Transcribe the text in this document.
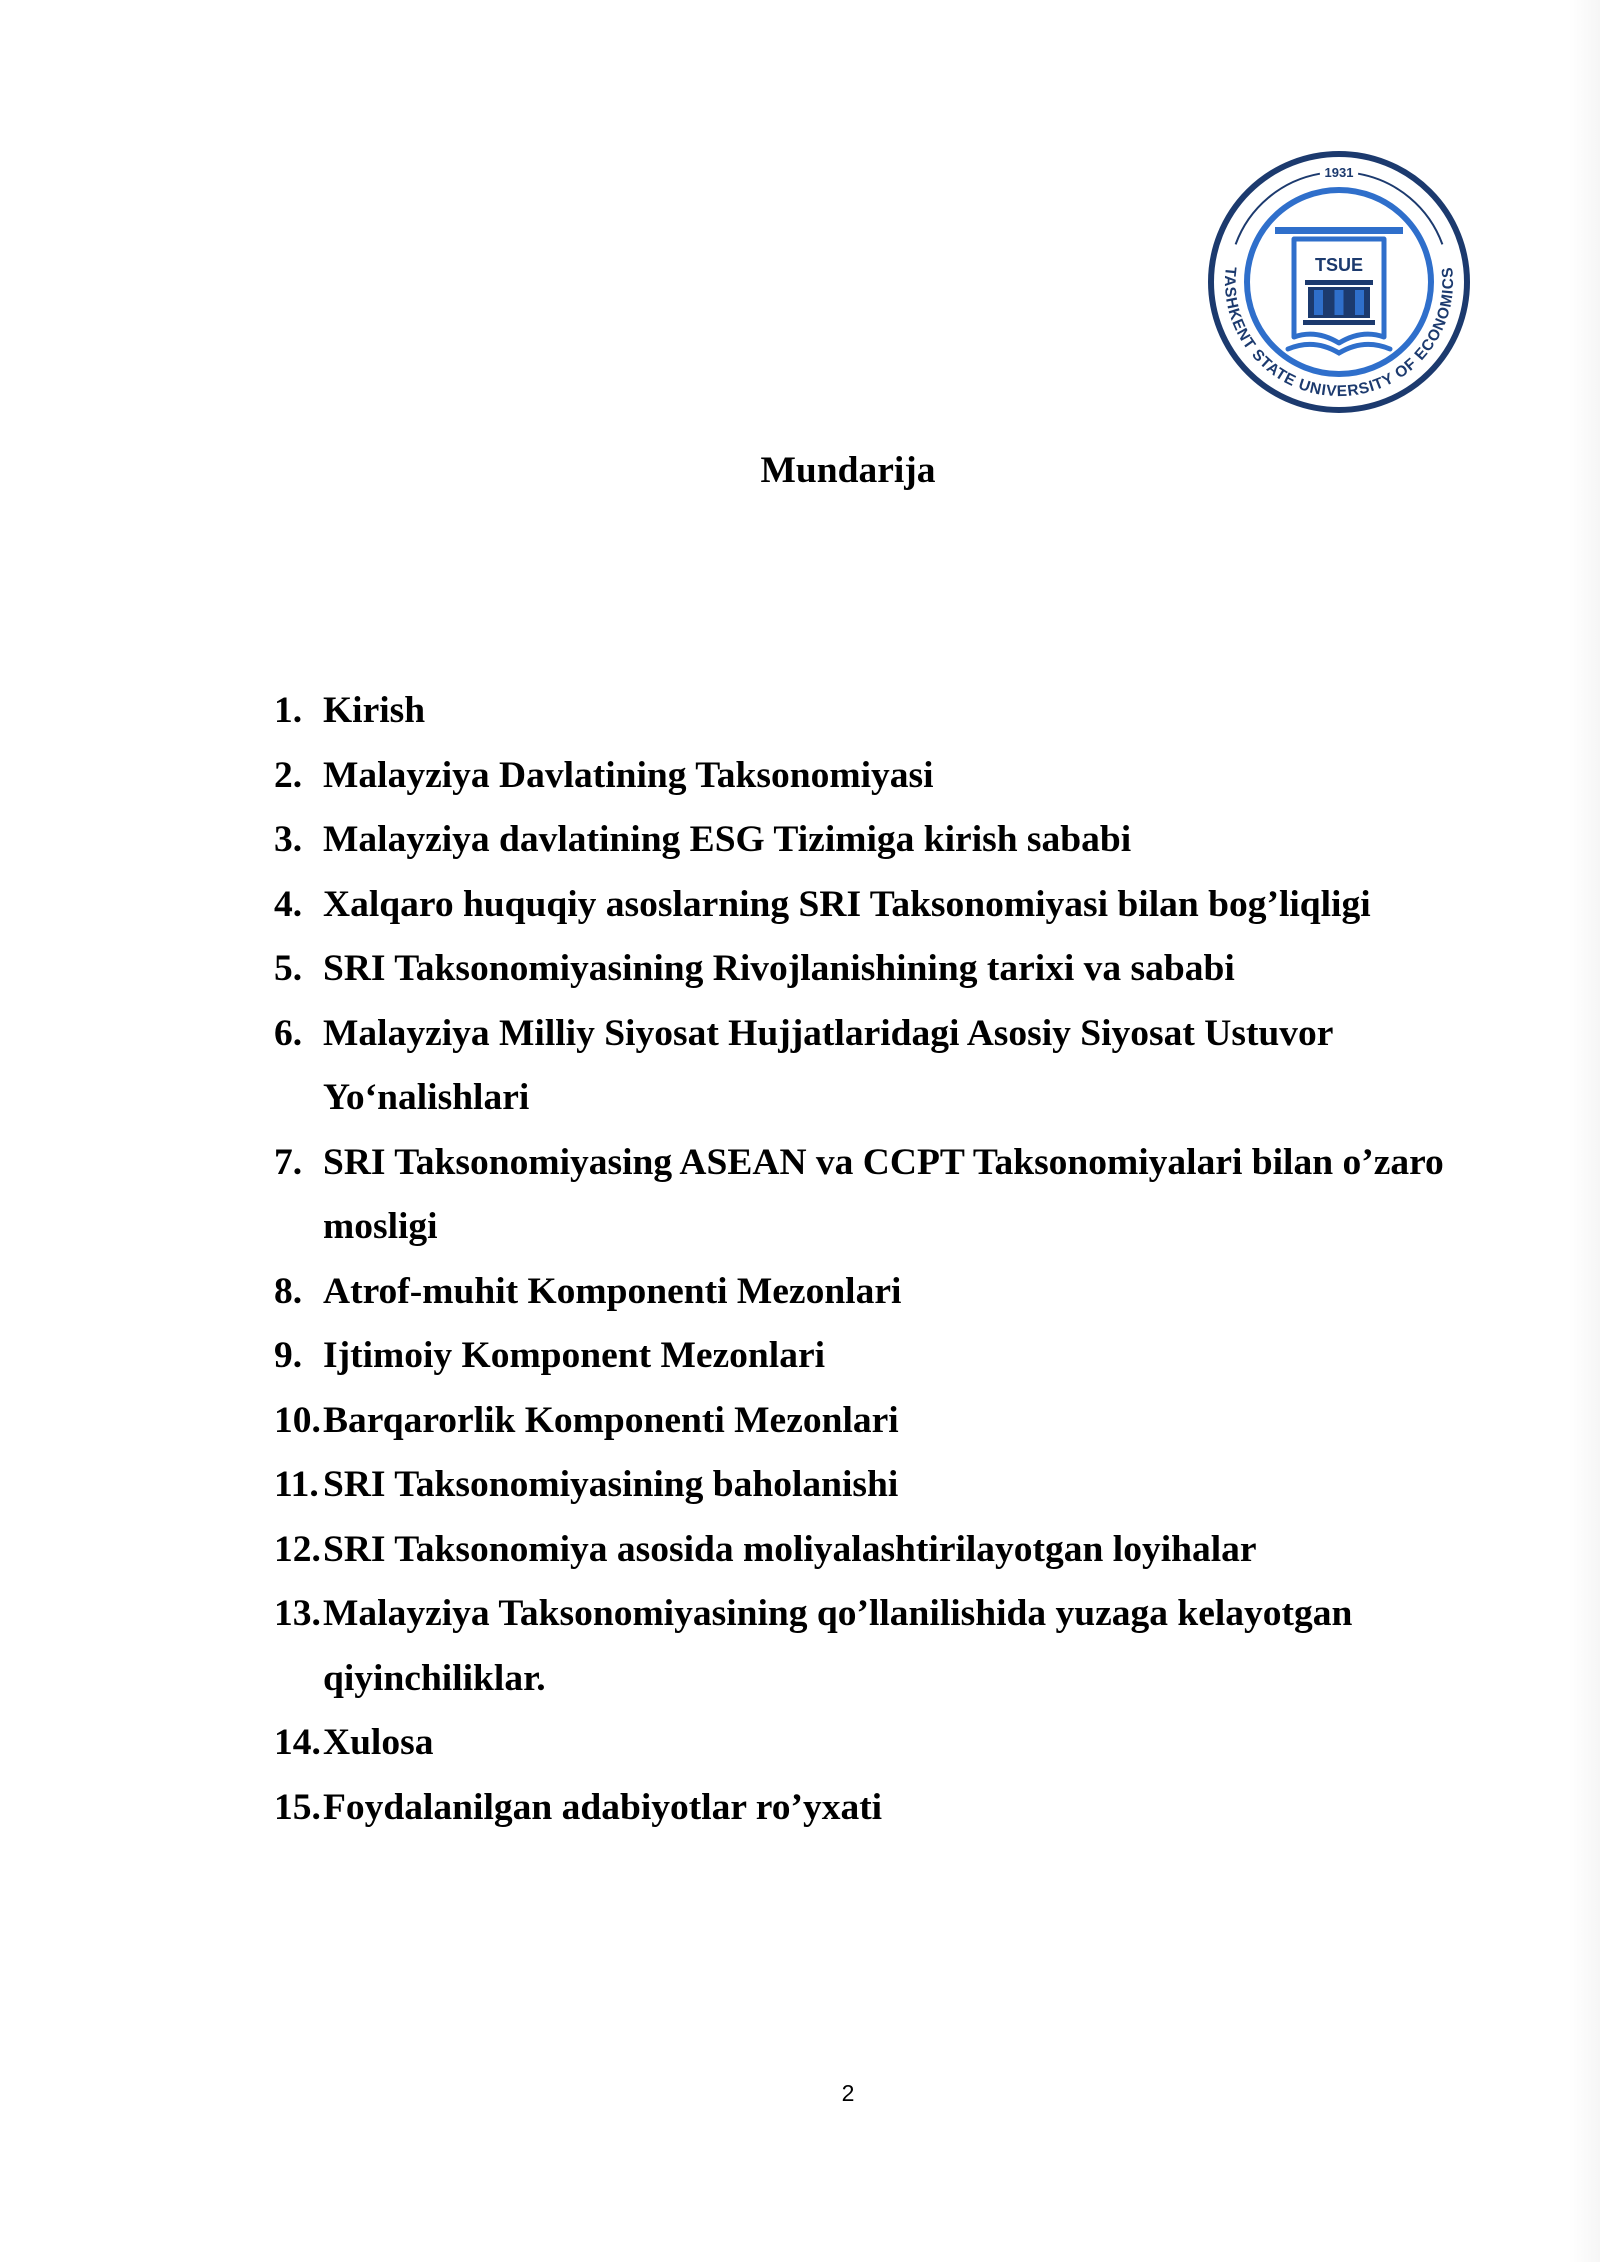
1931
TASHKENT STATE UNIVERSITY OF ECONOMICS
TSUE
Mundarija
1. Kirish
2. Malayziya Davlatining Taksonomiyasi
3. Malayziya davlatining ESG Tizimiga kirish sababi
4. Xalqaro huquqiy asoslarning SRI Taksonomiyasi bilan bog’liqligi
5. SRI Taksonomiyasining Rivojlanishining tarixi va sababi
6. Malayziya Milliy Siyosat Hujjatlaridagi Asosiy Siyosat Ustuvor Yo‘nalishlari
7. SRI Taksonomiyasing ASEAN va CCPT Taksonomiyalari bilan o’zaro mosligi
8. Atrof-muhit Komponenti Mezonlari
9. Ijtimoiy Komponent Mezonlari
10. Barqarorlik Komponenti Mezonlari
11. SRI Taksonomiyasining baholanishi
12. SRI Taksonomiya asosida moliyalashtirilayotgan loyihalar
13. Malayziya Taksonomiyasining qo’llanilishida yuzaga kelayotgan qiyinchiliklar.
14. Xulosa
15. Foydalanilgan adabiyotlar ro’yxati
2
